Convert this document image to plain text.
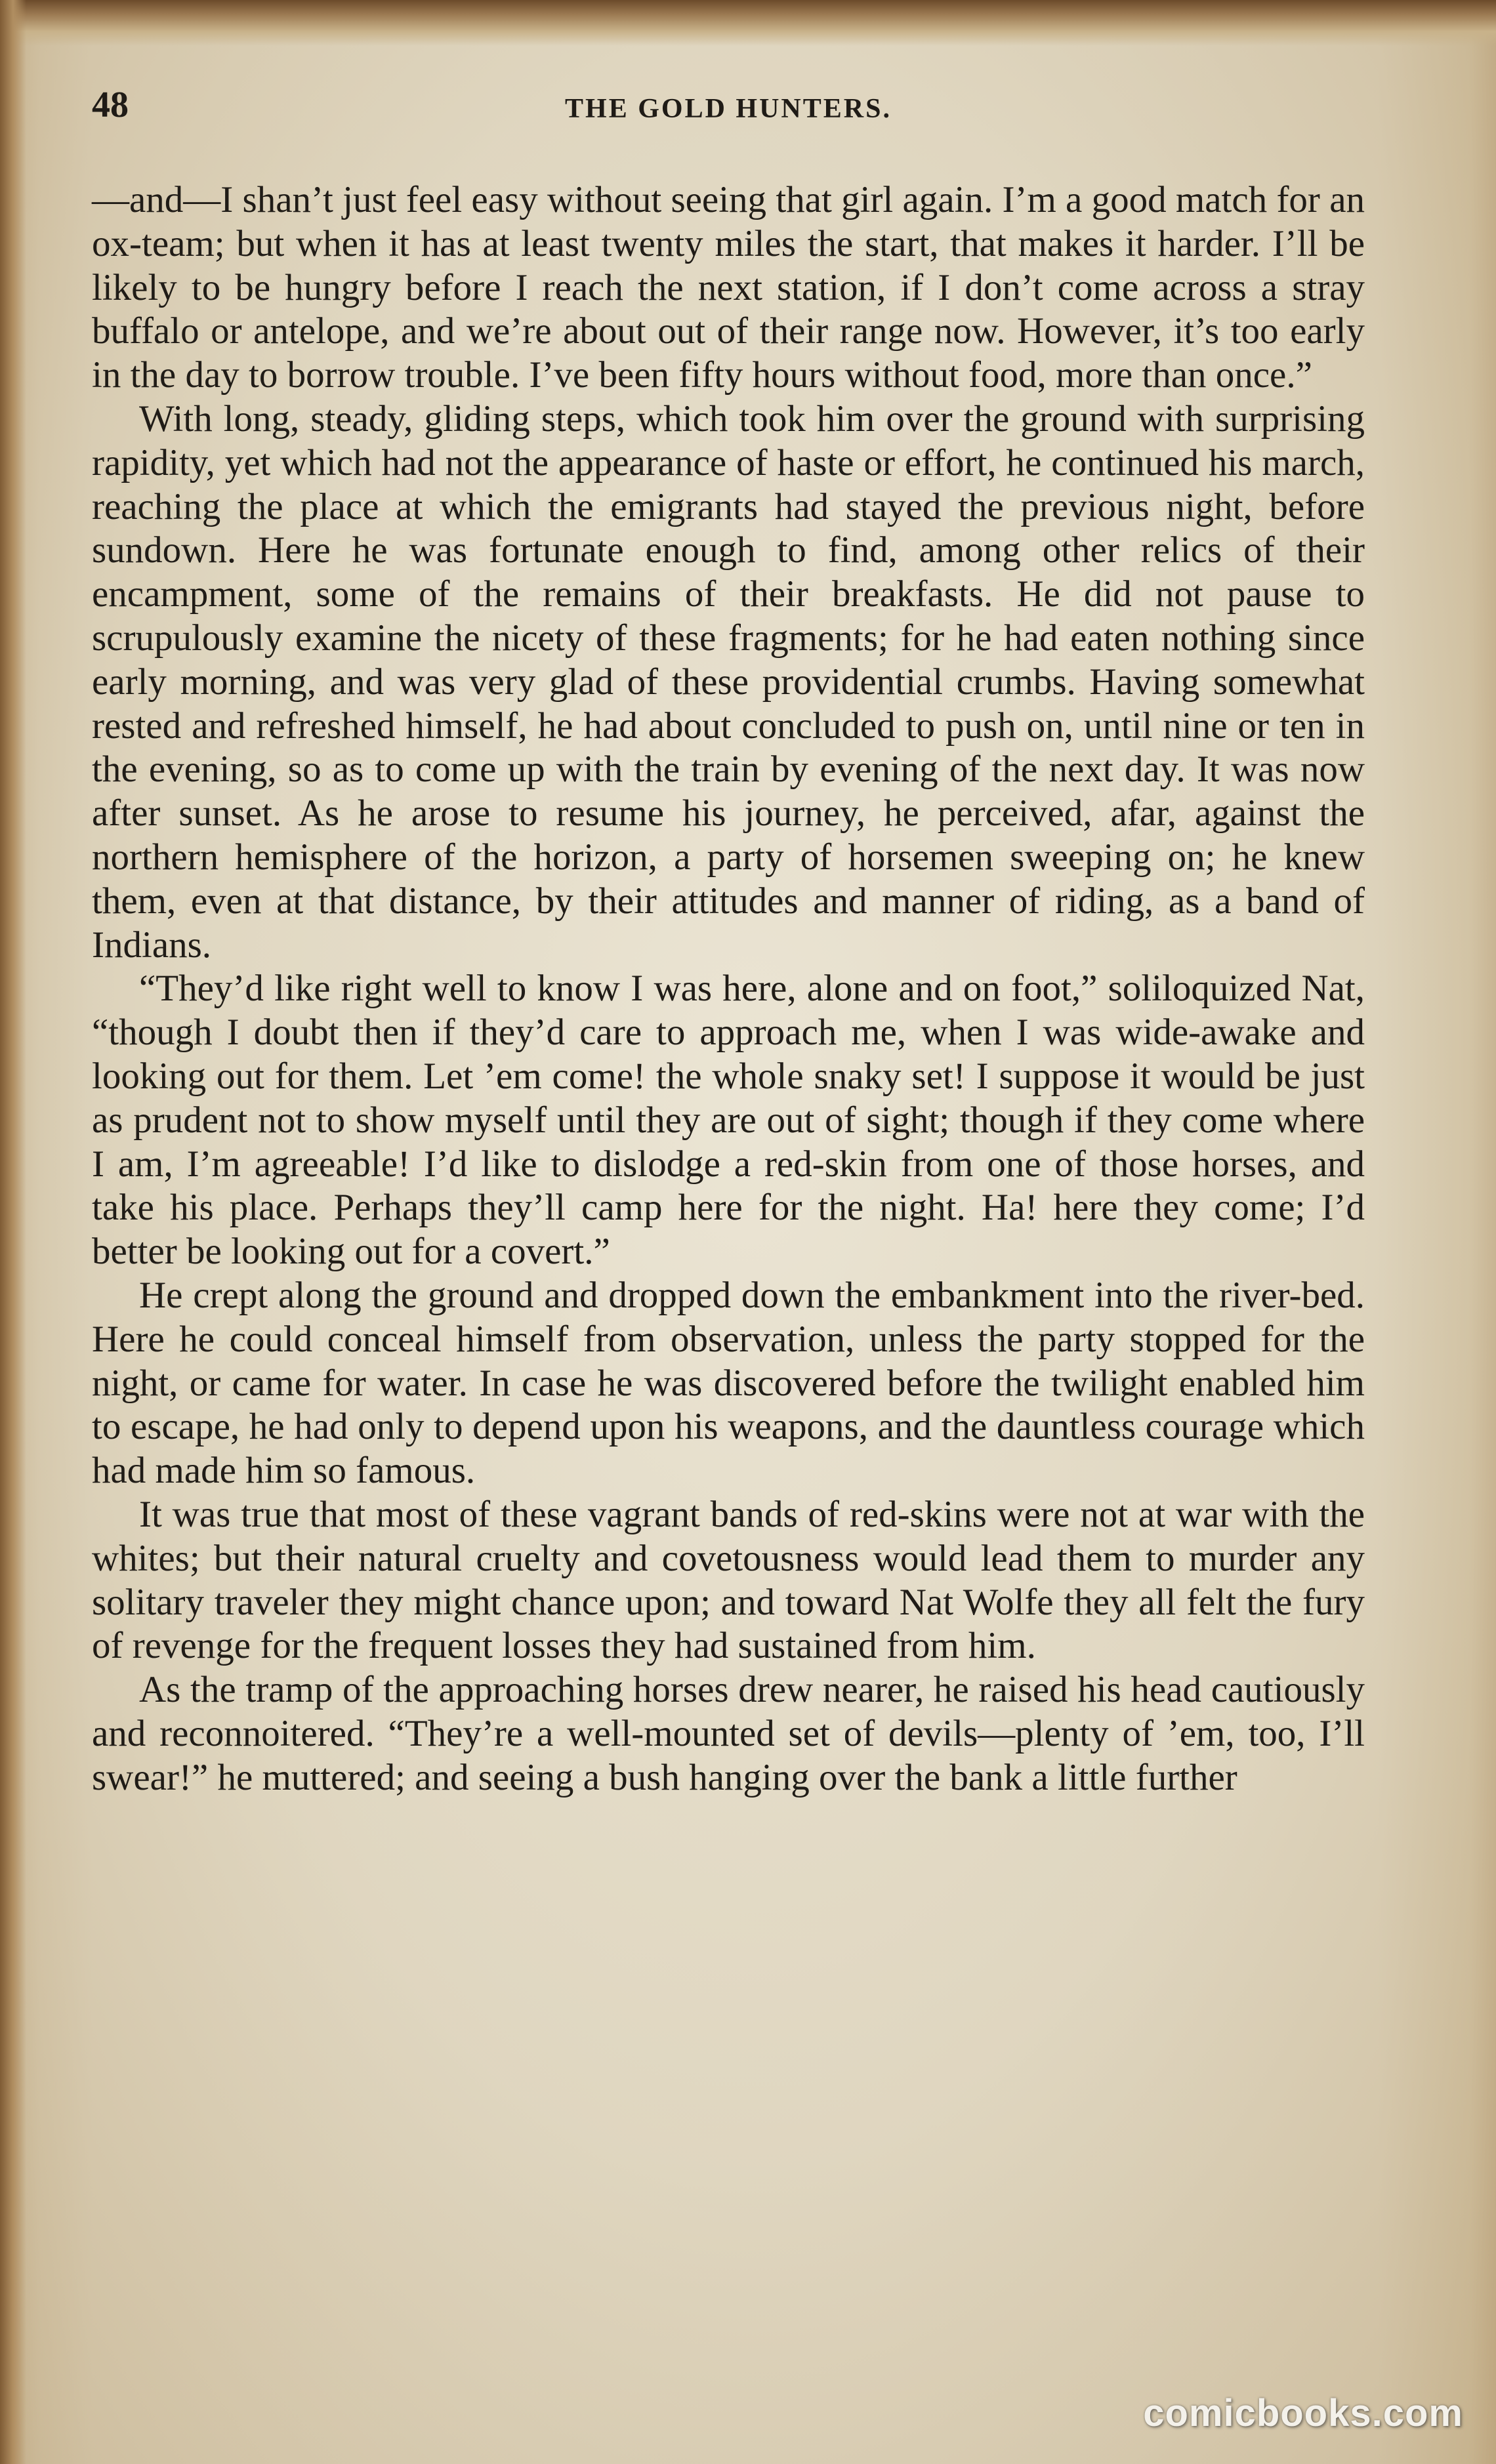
48	THE GOLD HUNTERS.

—and—I shan’t just feel easy without seeing that girl again. I’m a good match for an ox-team; but when it has at least twenty miles the start, that makes it harder. I’ll be likely to be hungry before I reach the next station, if I don’t come across a stray buffalo or antelope, and we’re about out of their range now. However, it’s too early in the day to borrow trouble. I’ve been fifty hours without food, more than once.”

With long, steady, gliding steps, which took him over the ground with surprising rapidity, yet which had not the appearance of haste or effort, he continued his march, reaching the place at which the emigrants had stayed the previous night, before sundown. Here he was fortunate enough to find, among other relics of their encampment, some of the remains of their breakfasts. He did not pause to scrupulously examine the nicety of these fragments; for he had eaten nothing since early morning, and was very glad of these providential crumbs. Having somewhat rested and refreshed himself, he had about concluded to push on, until nine or ten in the evening, so as to come up with the train by evening of the next day. It was now after sunset. As he arose to resume his journey, he perceived, afar, against the northern hemisphere of the horizon, a party of horsemen sweeping on; he knew them, even at that distance, by their attitudes and manner of riding, as a band of Indians.

“They’d like right well to know I was here, alone and on foot,” soliloquized Nat, “though I doubt then if they’d care to approach me, when I was wide-awake and looking out for them. Let ’em come! the whole snaky set! I suppose it would be just as prudent not to show myself until they are out of sight; though if they come where I am, I’m agreeable! I’d like to dislodge a red-skin from one of those horses, and take his place. Perhaps they’ll camp here for the night. Ha! here they come; I’d better be looking out for a covert.”

He crept along the ground and dropped down the embankment into the river-bed. Here he could conceal himself from observation, unless the party stopped for the night, or came for water. In case he was discovered before the twilight enabled him to escape, he had only to depend upon his weapons, and the dauntless courage which had made him so famous.

It was true that most of these vagrant bands of red-skins were not at war with the whites; but their natural cruelty and covetousness would lead them to murder any solitary traveler they might chance upon; and toward Nat Wolfe they all felt the fury of revenge for the frequent losses they had sustained from him.

As the tramp of the approaching horses drew nearer, he raised his head cautiously and reconnoitered. “They’re a well-mounted set of devils—plenty of ’em, too, I’ll swear!” he muttered; and seeing a bush hanging over the bank a little further

comicbooks.com
